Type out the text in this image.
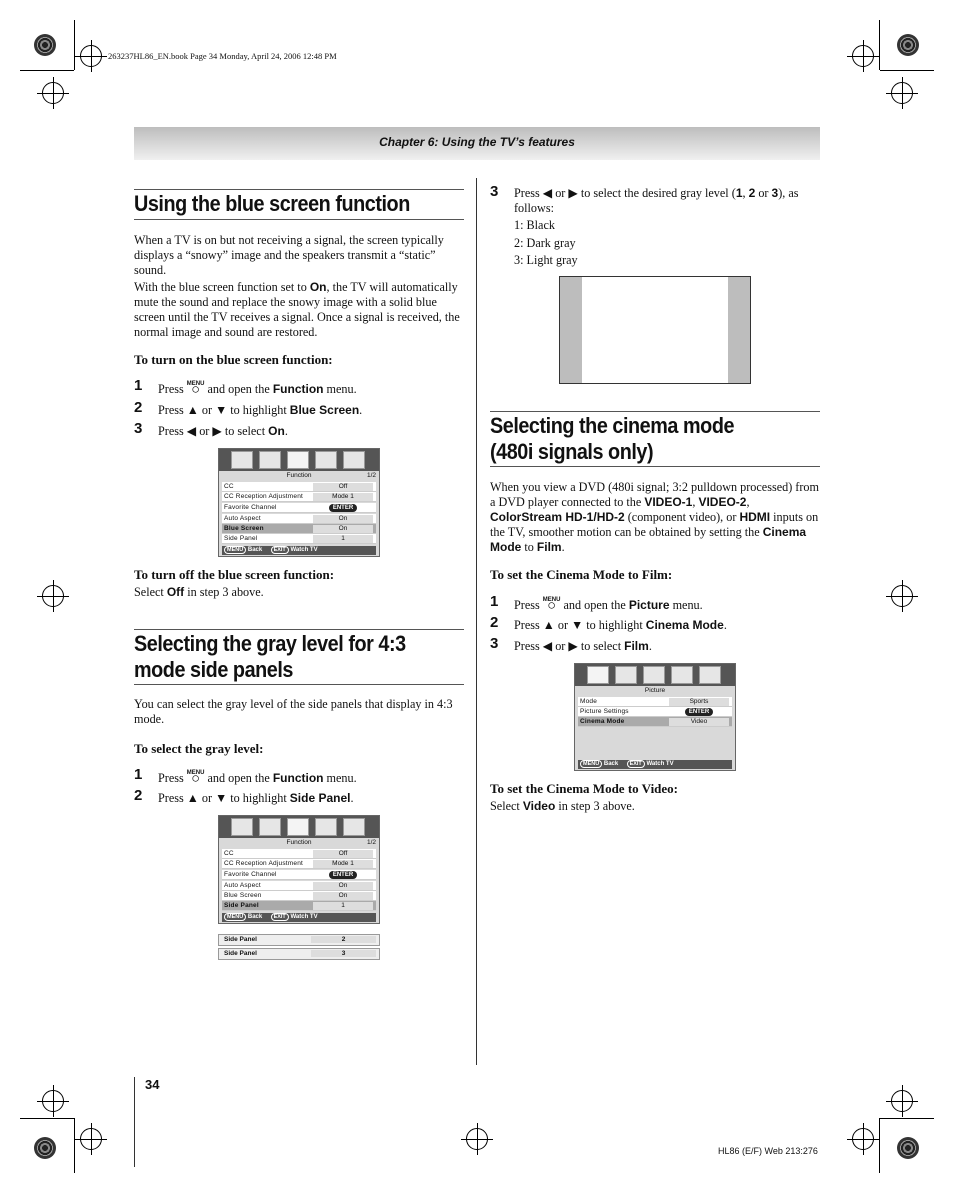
263237HL86_EN.book Page 34 Monday, April 24, 2006 12:48 PM
Chapter 6: Using the TV’s features
Using the blue screen function

When a TV is on but not receiving a signal, the screen typically displays a “snowy” image and the speakers transmit a “static” sound.

With the blue screen function set to On, the TV will automatically mute the sound and replace the snowy image with a solid blue screen until the TV receives a signal. Once a signal is received, the normal image and sound are restored.

To turn on the blue screen function:
1 Press MENU
◯ and open the Function menu.
2 Press ▲ or ▼ to highlight Blue Screen.
3 Press ◀ or ▶ to select On.
Function	1/2
CC	Off
CC Reception Adjustment	Mode 1
Favorite Channel	ENTER
Auto Aspect	On
Blue Screen	On
Side Panel	1
MENU Back EXIT Watch TV
To turn off the blue screen function:
Select Off in step 3 above.
Selecting the gray level for 4:3
mode side panels

You can select the gray level of the side panels that display in 4:3 mode.

To select the gray level:
1 Press MENU
◯ and open the Function menu.
2 Press ▲ or ▼ to highlight Side Panel.
Function	1/2
CC	Off
CC Reception Adjustment	Mode 1
Favorite Channel	ENTER
Auto Aspect	On
Blue Screen	On
Side Panel	1
MENU Back EXIT Watch TV
Side Panel	2
Side Panel	3
34
3 Press ◀ or ▶ to select the desired gray level (1, 2 or 3), as follows:
1: Black
2: Dark gray
3: Light gray
Selecting the cinema mode
(480i signals only)

When you view a DVD (480i signal; 3:2 pulldown processed) from a DVD player connected to the VIDEO-1, VIDEO-2, ColorStream HD-1/HD-2 (component video), or HDMI inputs on the TV, smoother motion can be obtained by setting the Cinema Mode to Film.

To set the Cinema Mode to Film:
1 Press MENU
◯ and open the Picture menu.
2 Press ▲ or ▼ to highlight Cinema Mode.
3 Press ◀ or ▶ to select Film.
Picture
Mode	Sports
Picture Settings	ENTER
Cinema Mode	Video
MENU Back EXIT Watch TV
To set the Cinema Mode to Video:
Select Video in step 3 above.
HL86 (E/F) Web 213:276
